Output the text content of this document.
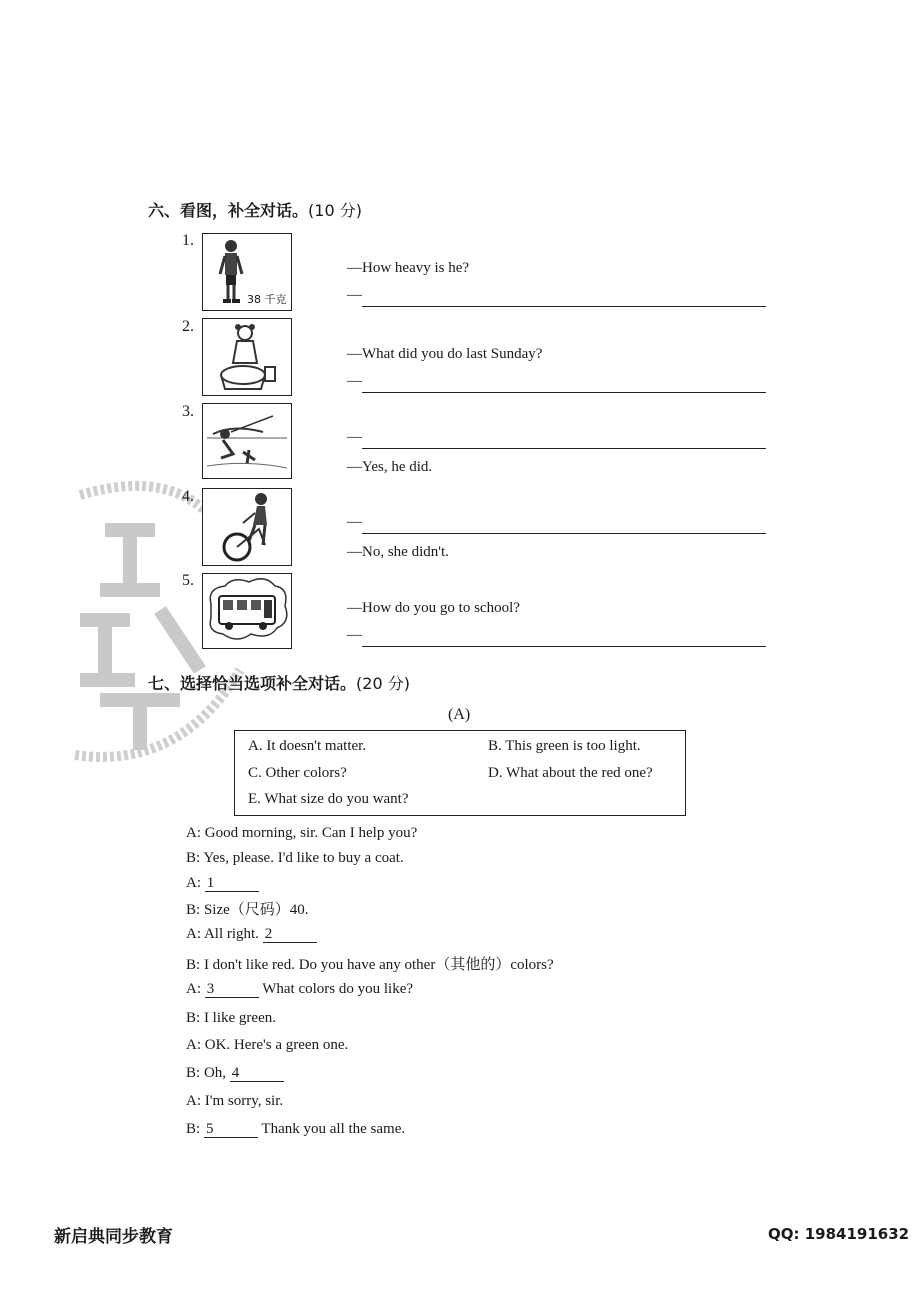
六、看图，补全对话。(10 分)
1.
38 千克
—How heavy is he?
—
2.
—What did you do last Sunday?
—
3.
—
—Yes, he did.
4.
—
—No, she didn't.
5.
—How do you go to school?
—
七、选择恰当选项补全对话。(20 分)
(A)
A. It doesn't matter.	B. This green is too light.
C. Other colors?	D. What about the red one?
E. What size do you want?
A: Good morning, sir. Can I help you?
B: Yes, please. I'd like to buy a coat.
A: 1
B: Size（尺码）40.
A: All right. 2
B: I don't like red. Do you have any other（其他的）colors?
A: 3	What colors do you like?
B: I like green.
A: OK. Here's a green one.
B: Oh, 4
A: I'm sorry, sir.
B: 5	Thank you all the same.
新启典同步教育	QQ: 1984191632
